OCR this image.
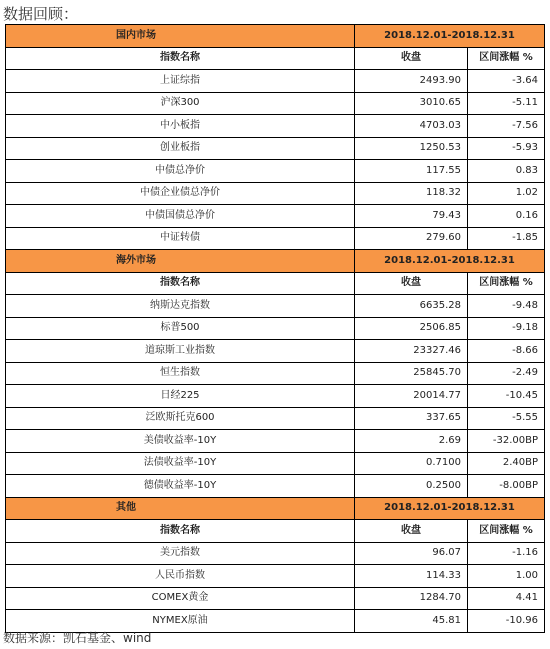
数据回顾：
国内市场	2018.12.01-2018.12.31	
指数名称	收盘	区间涨幅 %
上证综指	2493.90	-3.64
沪深300	3010.65	-5.11
中小板指	4703.03	-7.56
创业板指	1250.53	-5.93
中债总净价	117.55	0.83
中债企业债总净价	118.32	1.02
中债国债总净价	79.43	0.16
中证转债	279.60	-1.85
海外市场	2018.12.01-2018.12.31	
指数名称	收盘	区间涨幅 %
纳斯达克指数	6635.28	-9.48
标普500	2506.85	-9.18
道琼斯工业指数	23327.46	-8.66
恒生指数	25845.70	-2.49
日经225	20014.77	-10.45
泛欧斯托克600	337.65	-5.55
美债收益率-10Y	2.69	-32.00BP
法债收益率-10Y	0.7100	2.40BP
德债收益率-10Y	0.2500	-8.00BP
其他	2018.12.01-2018.12.31	
指数名称	收盘	区间涨幅 %
美元指数	96.07	-1.16
人民币指数	114.33	1.00
COMEX黄金	1284.70	4.41
NYMEX原油	45.81	-10.96
数据来源：凯石基金、wind
